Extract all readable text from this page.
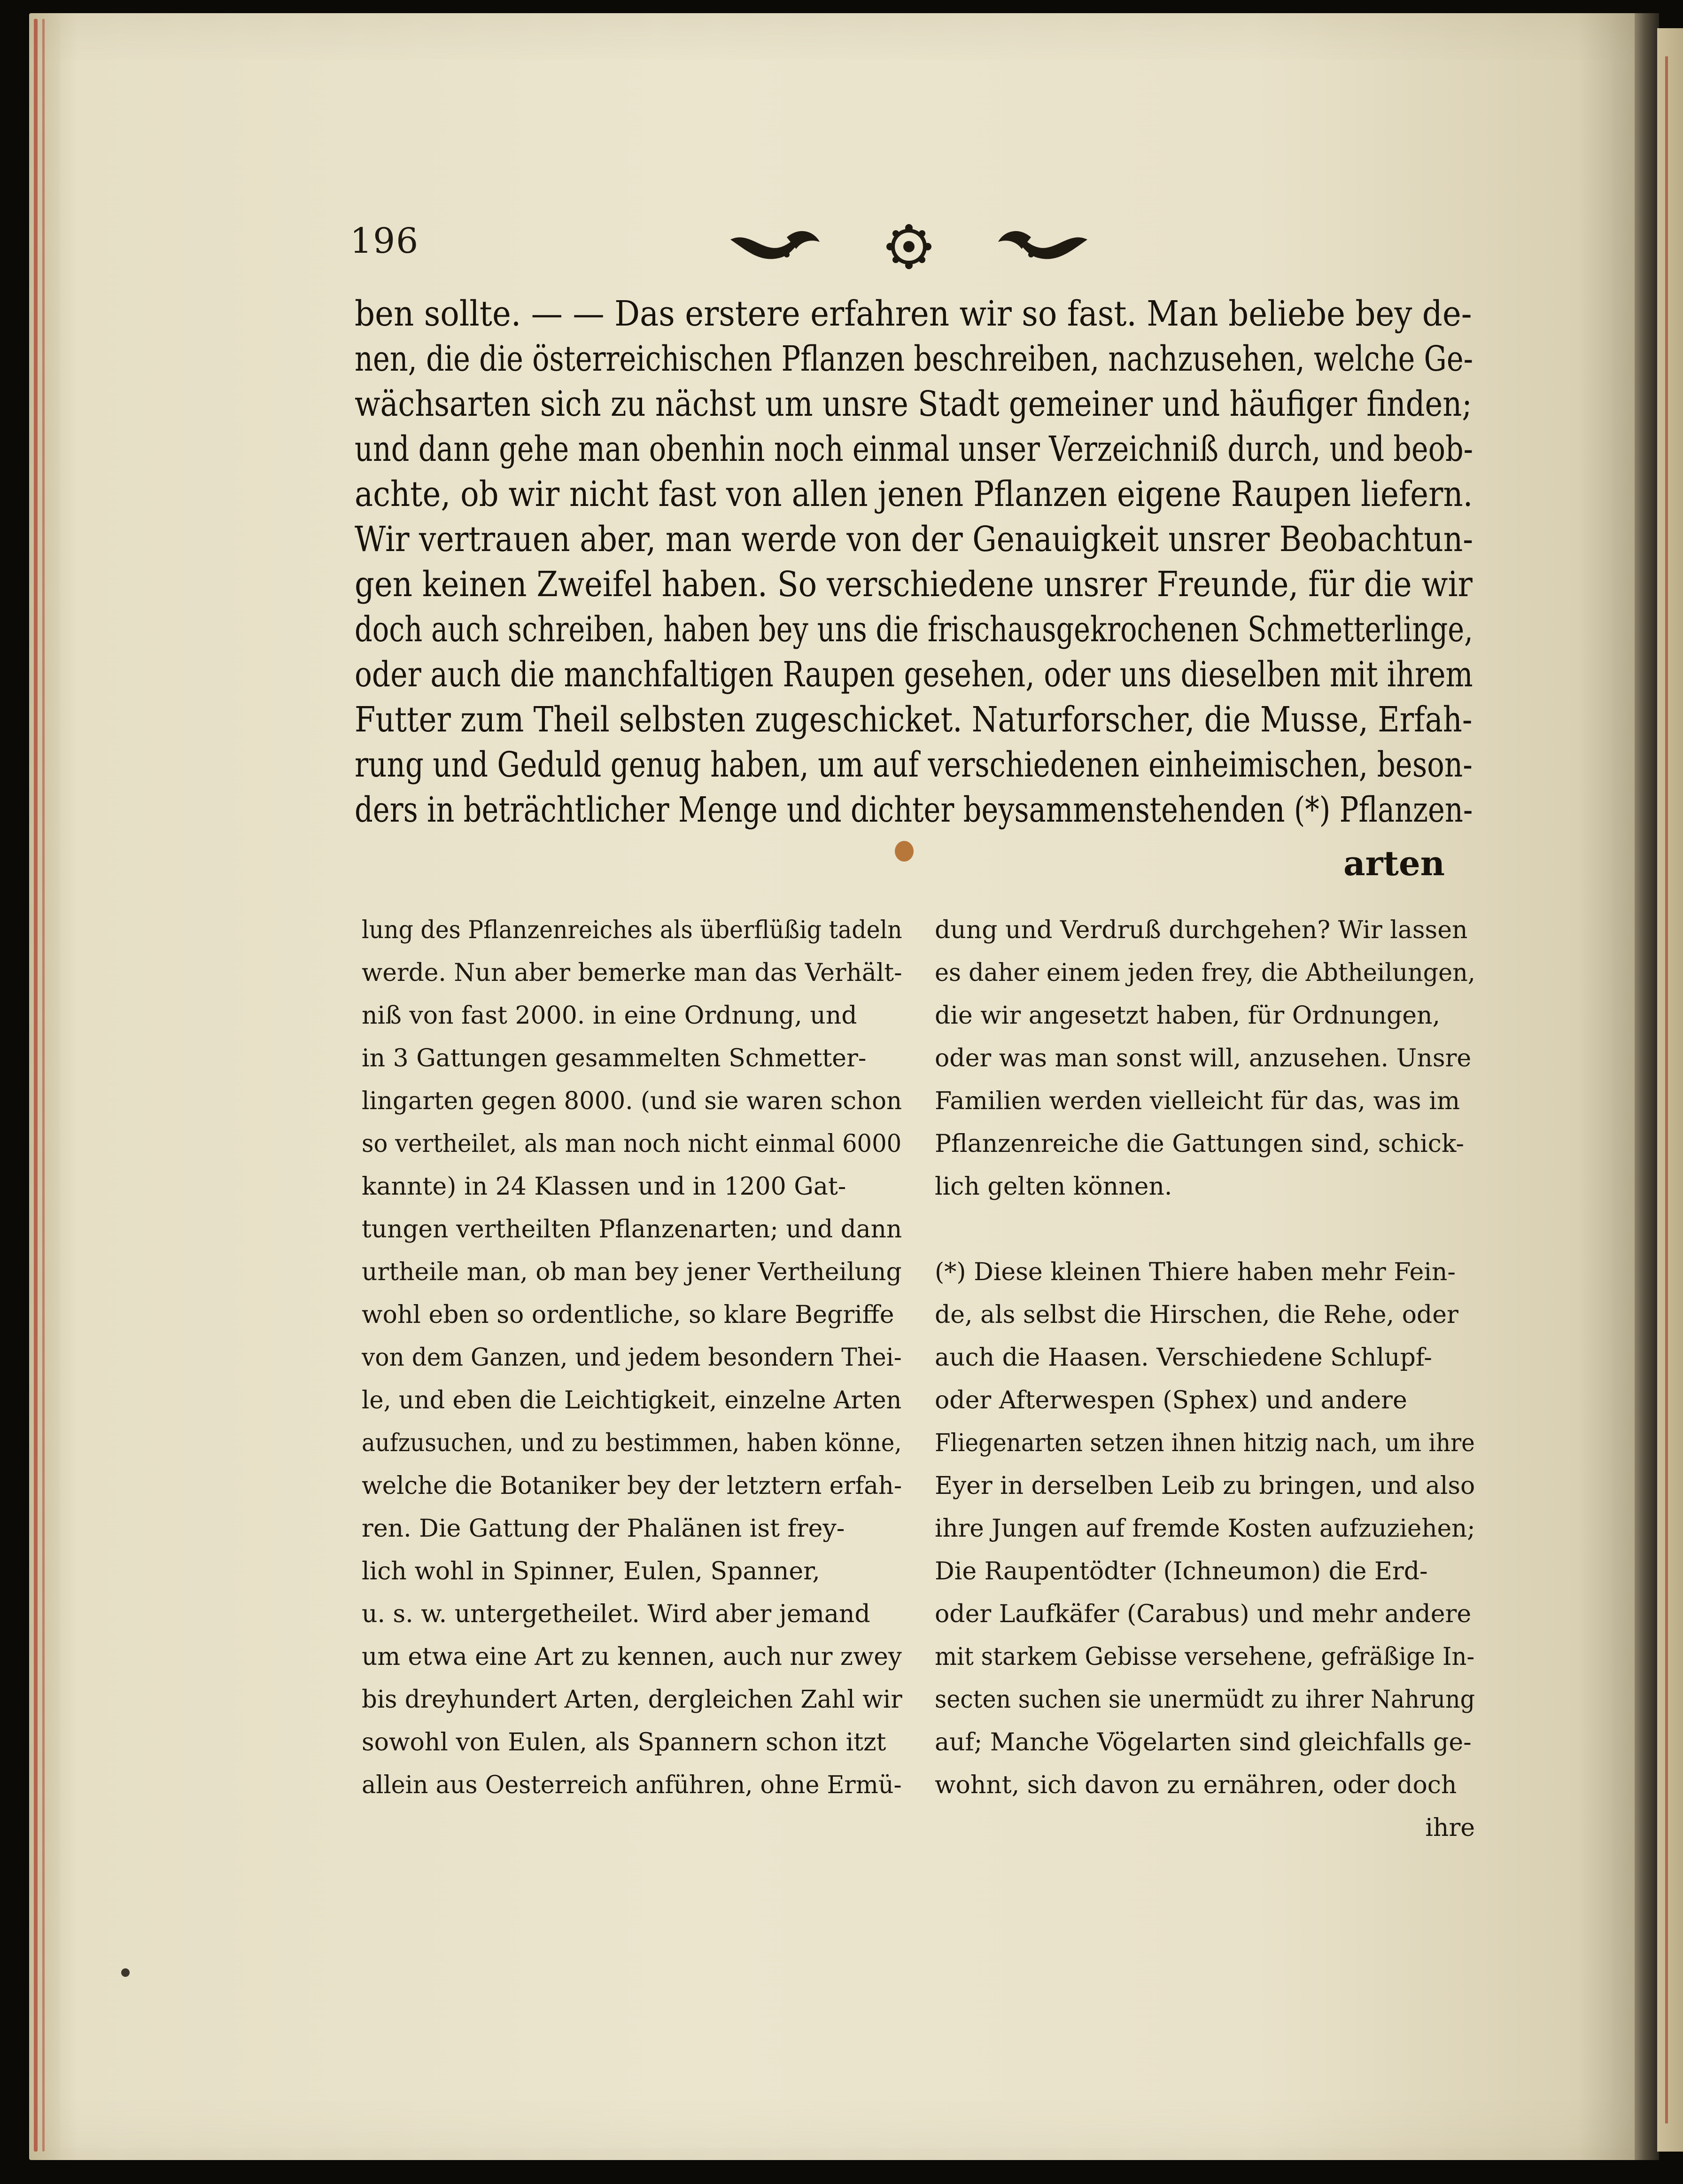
196
ben sollte. — — Das erstere erfahren wir so fast. Man beliebe bey de-
nen, die die österreichischen Pflanzen beschreiben, nachzusehen, welche Ge-
wächsarten sich zu nächst um unsre Stadt gemeiner und häufiger finden;
und dann gehe man obenhin noch einmal unser Verzeichniß durch, und beob-
achte, ob wir nicht fast von allen jenen Pflanzen eigene Raupen liefern.
Wir vertrauen aber, man werde von der Genauigkeit unsrer Beobachtun-
gen keinen Zweifel haben. So verschiedene unsrer Freunde, für die wir
doch auch schreiben, haben bey uns die frischausgekrochenen Schmetterlinge,
oder auch die manchfaltigen Raupen gesehen, oder uns dieselben mit ihrem
Futter zum Theil selbsten zugeschicket. Naturforscher, die Musse, Erfah-
rung und Geduld genug haben, um auf verschiedenen einheimischen, beson-
ders in beträchtlicher Menge und dichter beysammenstehenden (*) Pflanzen-
arten
lung des Pflanzenreiches als überflüßig tadeln
werde. Nun aber bemerke man das Verhält-
niß von fast 2000. in eine Ordnung, und
in 3 Gattungen gesammelten Schmetter-
lingarten gegen 8000. (und sie waren schon
so vertheilet, als man noch nicht einmal 6000
kannte) in 24 Klassen und in 1200 Gat-
tungen vertheilten Pflanzenarten; und dann
urtheile man, ob man bey jener Vertheilung
wohl eben so ordentliche, so klare Begriffe
von dem Ganzen, und jedem besondern Thei-
le, und eben die Leichtigkeit, einzelne Arten
aufzusuchen, und zu bestimmen, haben könne,
welche die Botaniker bey der letztern erfah-
ren. Die Gattung der Phalänen ist frey-
lich wohl in Spinner, Eulen, Spanner,
u. s. w. untergetheilet. Wird aber jemand
um etwa eine Art zu kennen, auch nur zwey
bis dreyhundert Arten, dergleichen Zahl wir
sowohl von Eulen, als Spannern schon itzt
allein aus Oesterreich anführen, ohne Ermü-
dung und Verdruß durchgehen? Wir lassen
es daher einem jeden frey, die Abtheilungen,
die wir angesetzt haben, für Ordnungen,
oder was man sonst will, anzusehen. Unsre
Familien werden vielleicht für das, was im
Pflanzenreiche die Gattungen sind, schick-
lich gelten können.
(*) Diese kleinen Thiere haben mehr Fein-
de, als selbst die Hirschen, die Rehe, oder
auch die Haasen. Verschiedene Schlupf-
oder Afterwespen (Sphex) und andere
Fliegenarten setzen ihnen hitzig nach, um ihre
Eyer in derselben Leib zu bringen, und also
ihre Jungen auf fremde Kosten aufzuziehen;
Die Raupentödter (Ichneumon) die Erd-
oder Laufkäfer (Carabus) und mehr andere
mit starkem Gebisse versehene, gefräßige In-
secten suchen sie unermüdt zu ihrer Nahrung
auf; Manche Vögelarten sind gleichfalls ge-
wohnt, sich davon zu ernähren, oder doch
ihre
